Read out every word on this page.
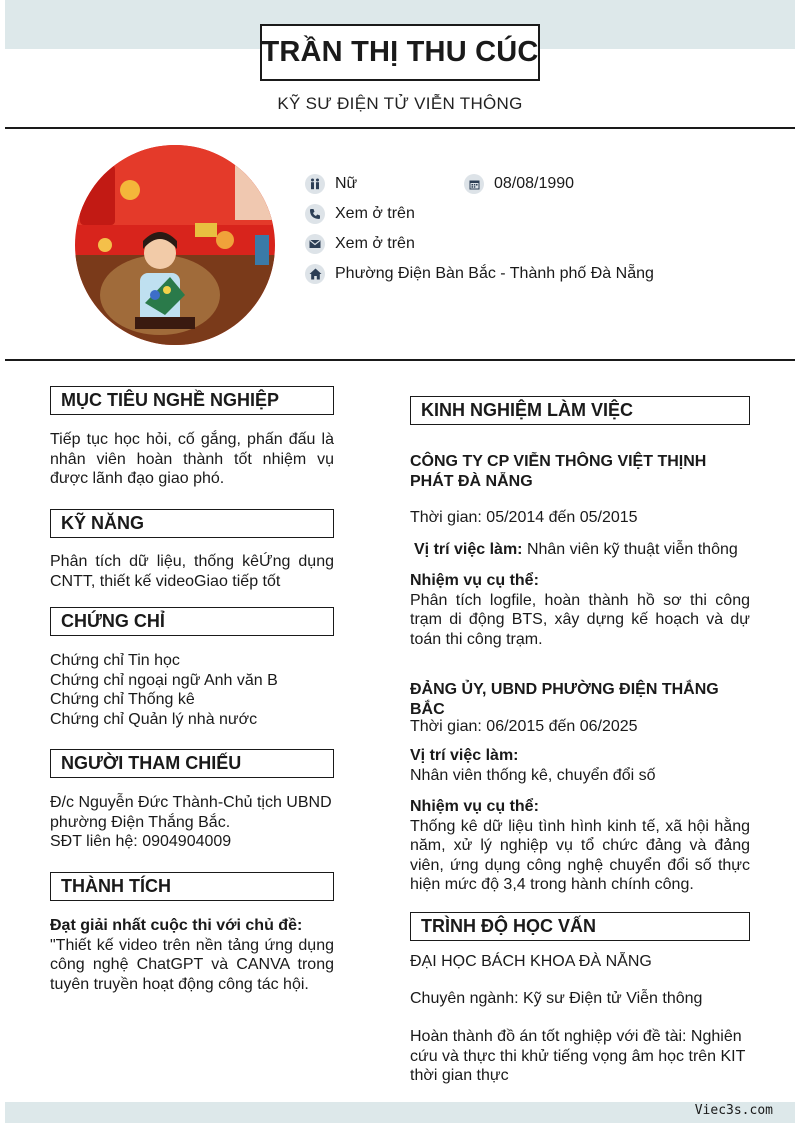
TRẦN THỊ THU CÚC
KỸ SƯ ĐIỆN TỬ VIỄN THÔNG
Nữ	08/08/1990
Xem ở trên
Xem ở trên
Phường Điện Bàn Bắc - Thành phố Đà Nẵng
MỤC TIÊU NGHỀ NGHIỆP
Tiếp tục học hỏi, cố gắng, phấn đấu là nhân viên hoàn thành tốt nhiệm vụ được lãnh đạo giao phó.
KỸ NĂNG
Phân tích dữ liệu, thống kêỨng dụng CNTT, thiết kế videoGiao tiếp tốt
CHỨNG CHỈ
Chứng chỉ Tin học
Chứng chỉ ngoại ngữ Anh văn B
Chứng chỉ Thống kê
Chứng chỉ Quản lý nhà nước
NGƯỜI THAM CHIẾU
Đ/c Nguyễn Đức Thành-Chủ tịch UBND phường Điện Thắng Bắc.
SĐT liên hệ: 0904904009
THÀNH TÍCH
Đạt giải nhất cuộc thi với chủ đề:
"Thiết kế video trên nền tảng ứng dụng công nghệ ChatGPT và CANVA trong tuyên truyền hoạt động công tác hội.
KINH NGHIỆM LÀM VIỆC
CÔNG TY CP VIỄN THÔNG VIỆT THỊNH PHÁT ĐÀ NẴNG
Thời gian: 05/2014 đến 05/2015
Vị trí việc làm: Nhân viên kỹ thuật viễn thông
Nhiệm vụ cụ thể:
Phân tích logfile, hoàn thành hồ sơ thi công trạm di động BTS, xây dựng kế hoạch và dự toán thi công trạm.
ĐẢNG ỦY, UBND PHƯỜNG ĐIỆN THẮNG BẮC
Thời gian: 06/2015 đến 06/2025
Vị trí việc làm:
Nhân viên thống kê, chuyển đổi số
Nhiệm vụ cụ thể:
Thống kê dữ liệu tình hình kinh tế, xã hội hằng năm, xử lý nghiệp vụ tổ chức đảng và đảng viên, ứng dụng công nghệ chuyển đổi số thực hiện mức độ 3,4 trong hành chính công.
TRÌNH ĐỘ HỌC VẤN
ĐẠI HỌC BÁCH KHOA ĐÀ NẴNG
Chuyên ngành: Kỹ sư Điện tử Viễn thông
Hoàn thành đồ án tốt nghiệp với đề tài: Nghiên cứu và thực thi khử tiếng vọng âm học trên KIT thời gian thực
Viec3s.com
